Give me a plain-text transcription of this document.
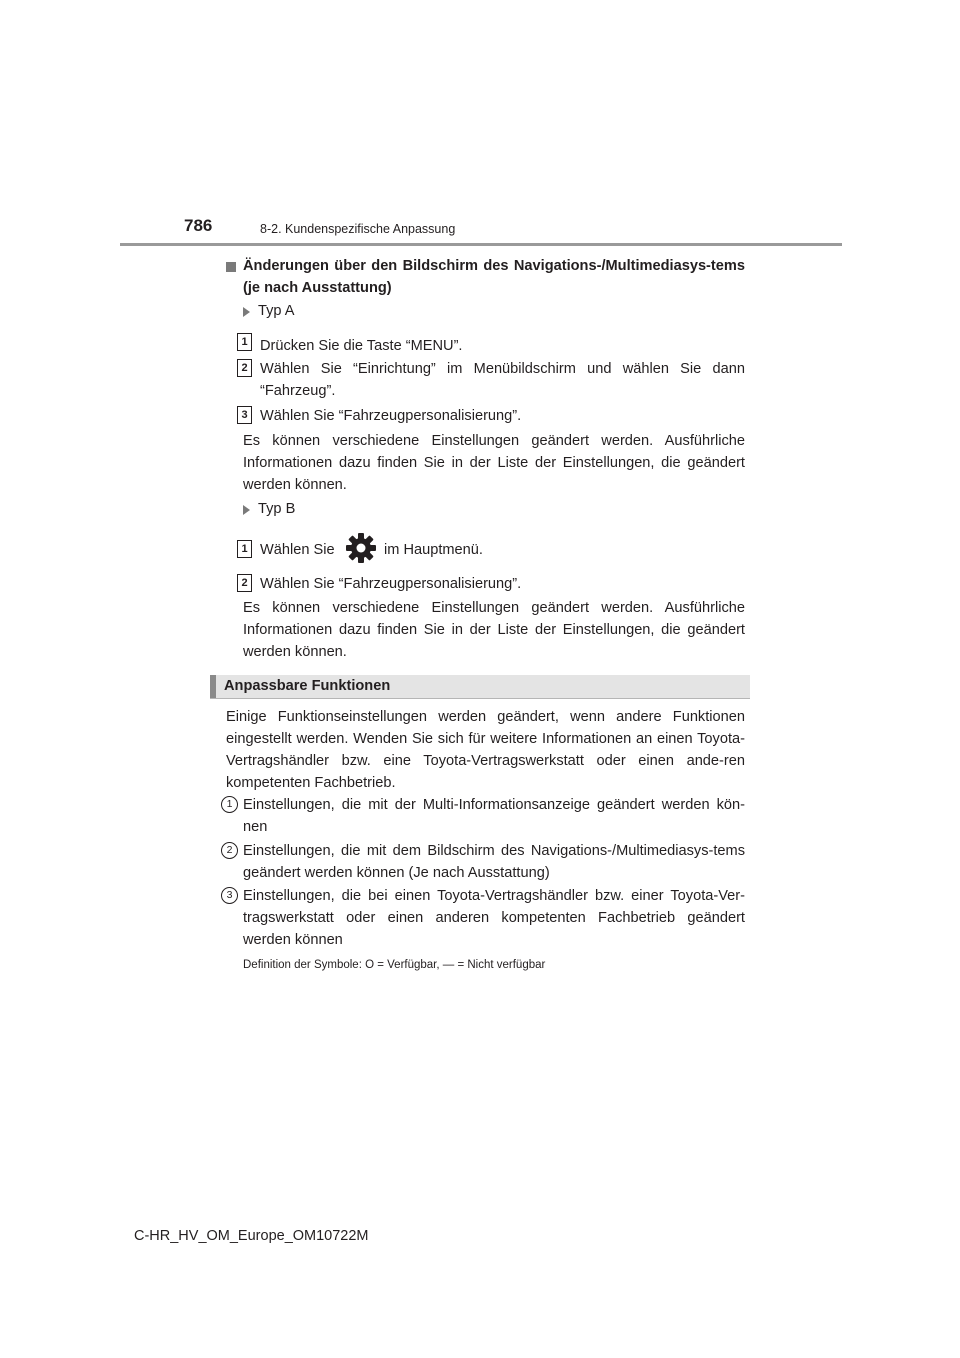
786	8-2. Kundenspezifische Anpassung
Änderungen über den Bildschirm des Navigations-/Multimediasys-tems (je nach Ausstattung)
Typ A
1 Drücken Sie die Taste “MENU”.
2 Wählen Sie “Einrichtung” im Menübildschirm und wählen Sie dann “Fahrzeug”.
3 Wählen Sie “Fahrzeugpersonalisierung”.
Es können verschiedene Einstellungen geändert werden. Ausführliche Informationen dazu finden Sie in der Liste der Einstellungen, die geändert werden können.
Typ B
1 Wählen Sie	im Hauptmenü.
2 Wählen Sie “Fahrzeugpersonalisierung”.
Es können verschiedene Einstellungen geändert werden. Ausführliche Informationen dazu finden Sie in der Liste der Einstellungen, die geändert werden können.
Anpassbare Funktionen
Einige Funktionseinstellungen werden geändert, wenn andere Funktionen eingestellt werden. Wenden Sie sich für weitere Informationen an einen Toyota-Vertragshändler bzw. eine Toyota-Vertragswerkstatt oder einen ande-ren kompetenten Fachbetrieb.
1 Einstellungen, die mit der Multi-Informationsanzeige geändert werden kön-nen
2 Einstellungen, die mit dem Bildschirm des Navigations-/Multimediasys-tems geändert werden können (Je nach Ausstattung)
3 Einstellungen, die bei einen Toyota-Vertragshändler bzw. einer Toyota-Ver-tragswerkstatt oder einen anderen kompetenten Fachbetrieb geändert werden können
Definition der Symbole: O = Verfügbar, — = Nicht verfügbar
C-HR_HV_OM_Europe_OM10722M
